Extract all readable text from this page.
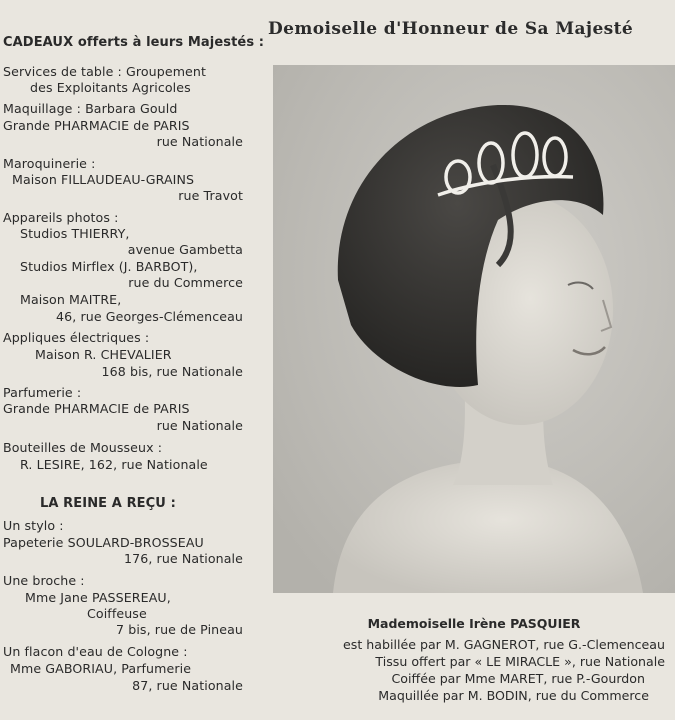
CADEAUX offerts à leurs Majestés :
Services de table : Groupement
des Exploitants Agricoles
Maquillage : Barbara Gould
Grande PHARMACIE de PARIS
rue Nationale
Maroquinerie :
Maison FILLAUDEAU-GRAINS
rue Travot
Appareils photos :
Studios THIERRY,
avenue Gambetta
Studios Mirflex (J. BARBOT),
rue du Commerce
Maison MAITRE,
46, rue Georges-Clémenceau
Appliques électriques :
Maison R. CHEVALIER
168 bis, rue Nationale
Parfumerie :
Grande PHARMACIE de PARIS
rue Nationale
Bouteilles de Mousseux :
R. LESIRE, 162, rue Nationale
LA REINE A REÇU :
Un stylo :
Papeterie SOULARD-BROSSEAU
176, rue Nationale
Une broche :
Mme Jane PASSEREAU,
Coiffeuse
7 bis, rue de Pineau
Un flacon d'eau de Cologne :
Mme GABORIAU, Parfumerie
87, rue Nationale
Demoiselle d'Honneur de Sa Majesté
Mademoiselle Irène PASQUIER
est habillée par M. GAGNEROT, rue G.-Clemenceau
Tissu offert par « LE MIRACLE », rue Nationale
Coiffée par Mme MARET, rue P.-Gourdon
Maquillée par M. BODIN, rue du Commerce
